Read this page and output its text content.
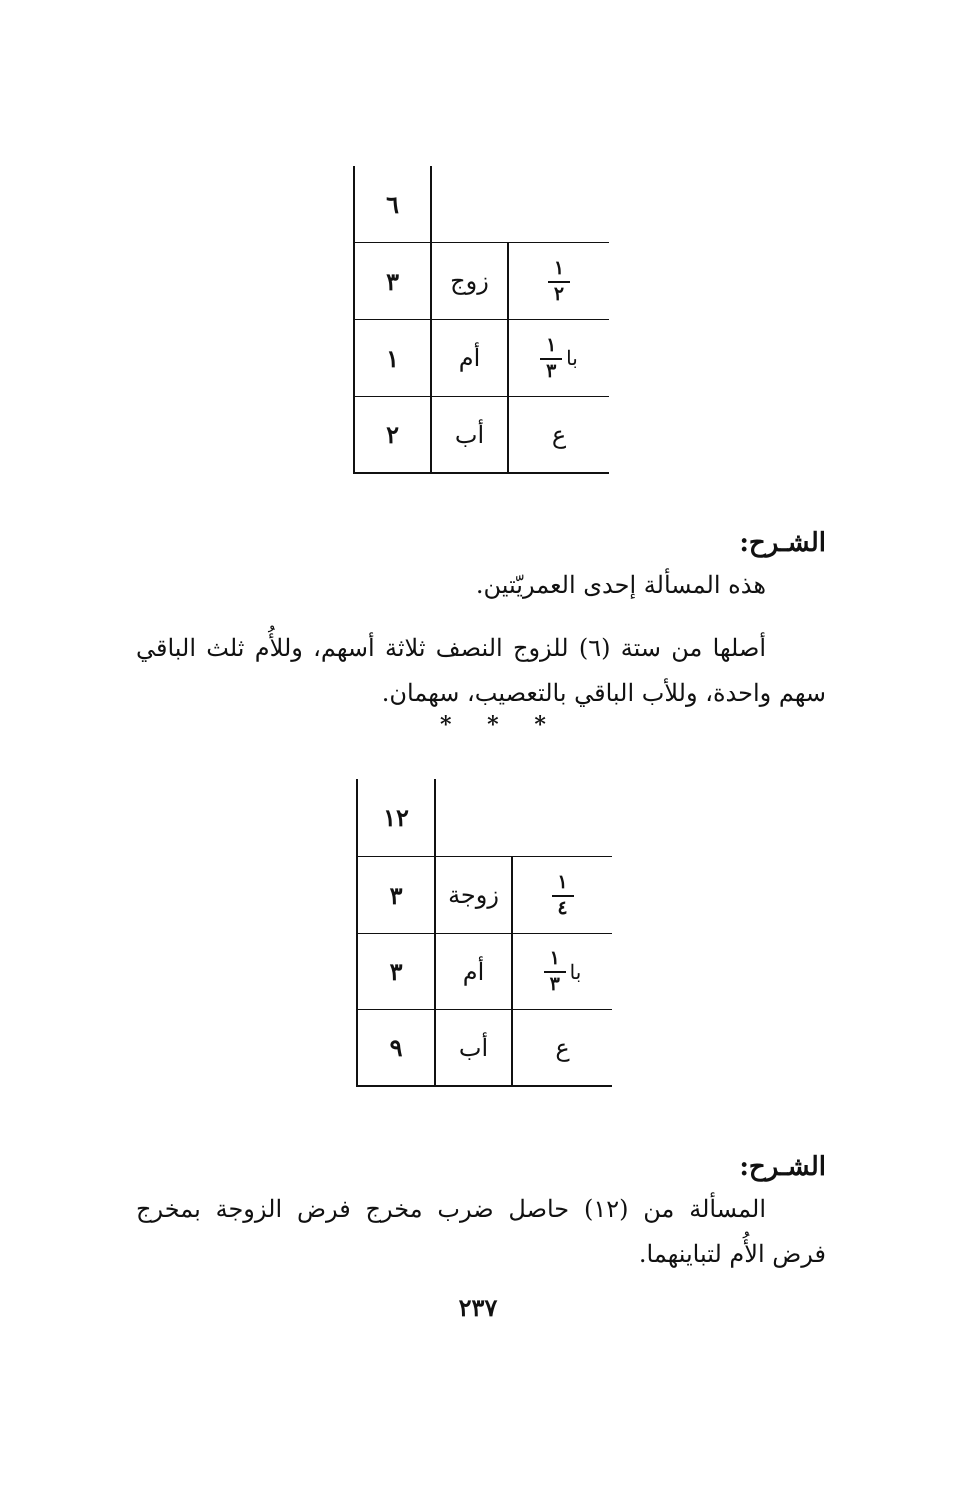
٦
٣	زوج	$\frac{١}{٢}$
١	أم	$\frac{١}{٣}$ با
٢	أب	ع
الشـرح:
هذه المسألة إحدى العمريّتين.
أصلها من ستة (٦) للزوج النصف ثلاثة أسهم، وللأُم ثلث الباقي سهم واحدة، وللأب الباقي بالتعصيب، سهمان.
* * *
١٢
٣	زوجة	$\frac{١}{٤}$
٣	أم	$\frac{١}{٣}$ با
٩	أب	ع
الشـرح:
المسألة من (١٢) حاصل ضرب مخرج فرض الزوجة بمخرج فرض الأُم لتباينهما.
٢٣٧
